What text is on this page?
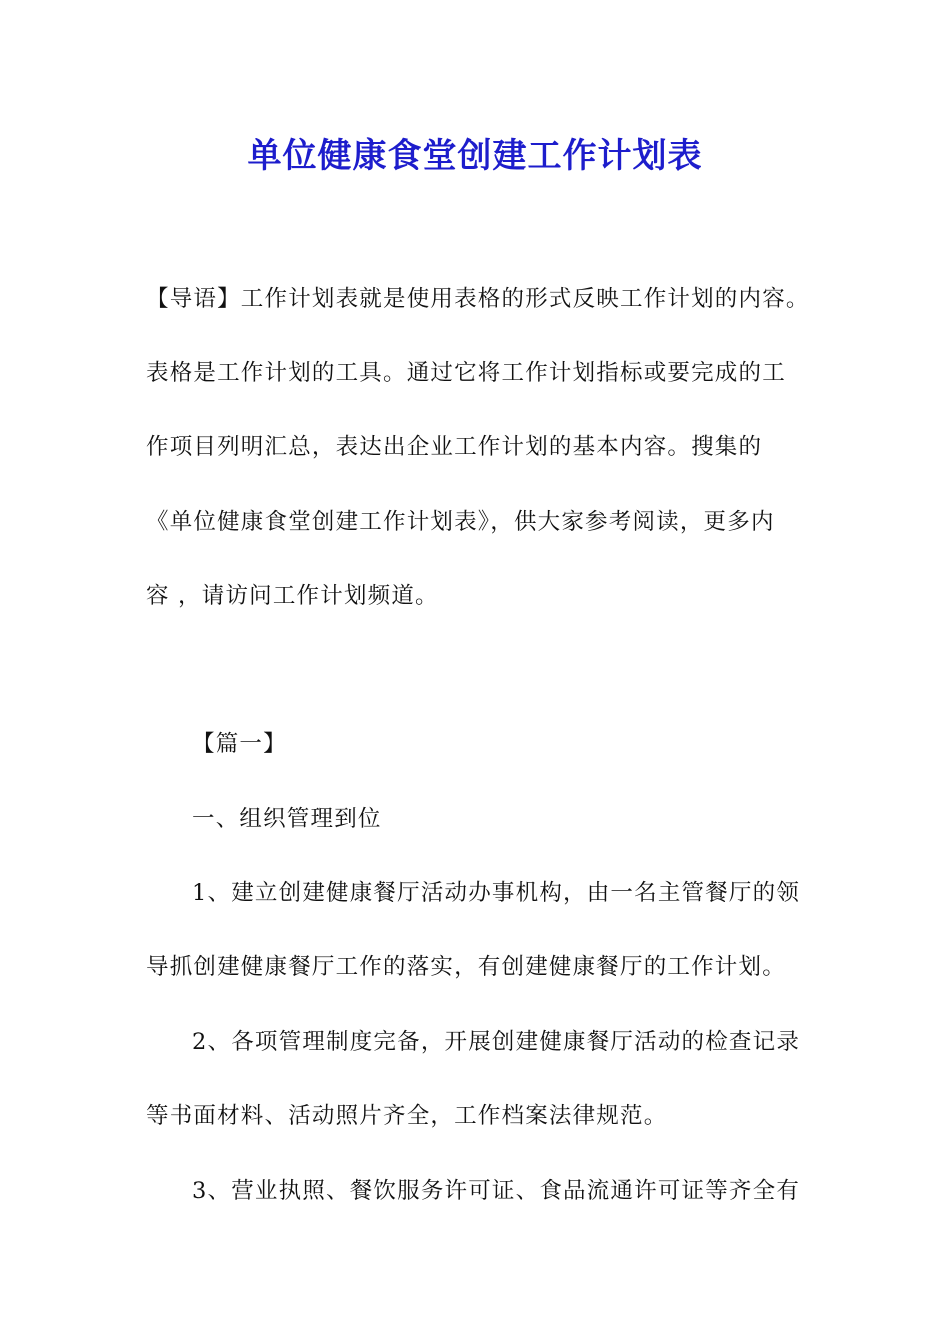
单位健康食堂创建工作计划表
【导语】工作计划表就是使用表格的形式反映工作计划的内容。
表格是工作计划的工具。通过它将工作计划指标或要完成的工
作项目列明汇总，表达出企业工作计划的基本内容。搜集的
《单位健康食堂创建工作计划表》，供大家参考阅读，更多内
容 ，请访问工作计划频道。
【篇一】
一、组织管理到位
1、建立创建健康餐厅活动办事机构，由一名主管餐厅的领
导抓创建健康餐厅工作的落实，有创建健康餐厅的工作计划。
2、各项管理制度完备，开展创建健康餐厅活动的检查记录
等书面材料、活动照片齐全，工作档案法律规范。
3、营业执照、餐饮服务许可证、食品流通许可证等齐全有
